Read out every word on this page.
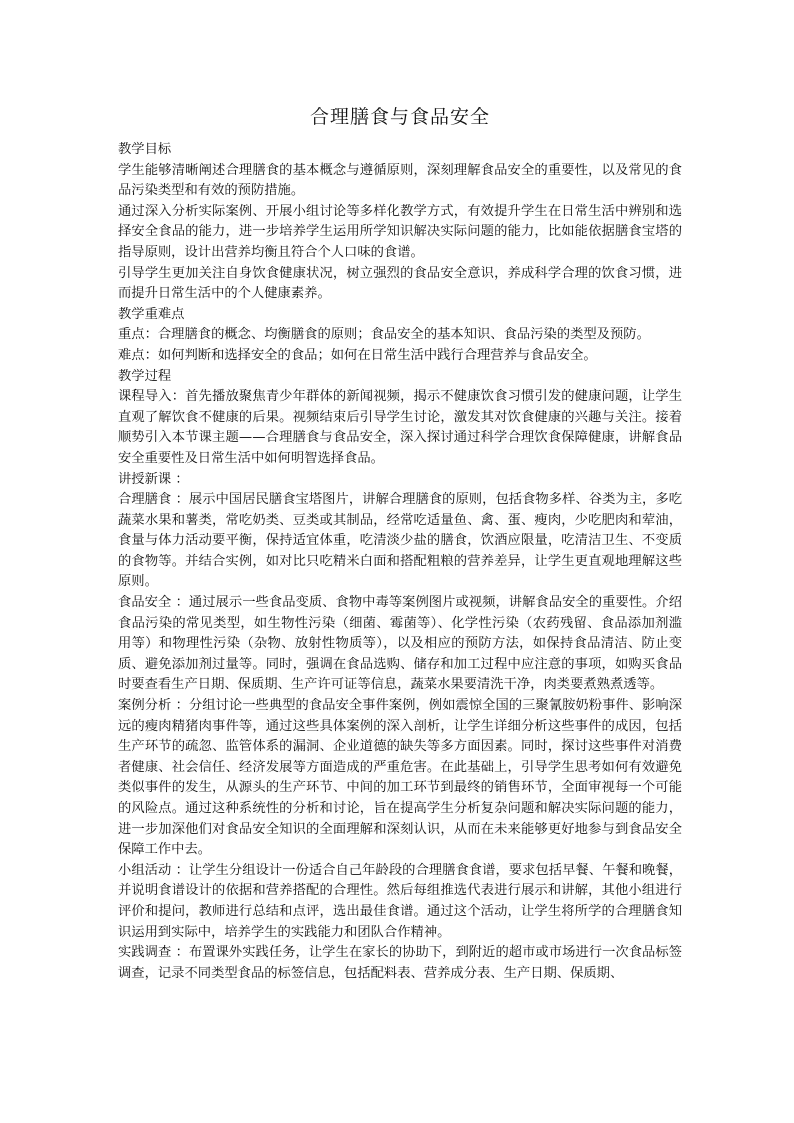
合理膳食与食品安全

教学目标

学生能够清晰阐述合理膳食的基本概念与遵循原则，深刻理解食品安全的重要性，以及常见的食品污染类型和有效的预防措施。

通过深入分析实际案例、开展小组讨论等多样化教学方式，有效提升学生在日常生活中辨别和选择安全食品的能力，进一步培养学生运用所学知识解决实际问题的能力，比如能依据膳食宝塔的指导原则，设计出营养均衡且符合个人口味的食谱。

引导学生更加关注自身饮食健康状况，树立强烈的食品安全意识，养成科学合理的饮食习惯，进而提升日常生活中的个人健康素养。

教学重难点

重点：合理膳食的概念、均衡膳食的原则；食品安全的基本知识、食品污染的类型及预防。

难点：如何判断和选择安全的食品；如何在日常生活中践行合理营养与食品安全。

教学过程

课程导入：首先播放聚焦青少年群体的新闻视频，揭示不健康饮食习惯引发的健康问题，让学生直观了解饮食不健康的后果。视频结束后引导学生讨论，激发其对饮食健康的兴趣与关注。接着顺势引入本节课主题——合理膳食与食品安全，深入探讨通过科学合理饮食保障健康，讲解食品安全重要性及日常生活中如何明智选择食品。

讲授新课 ：

合理膳食 ：展示中国居民膳食宝塔图片，讲解合理膳食的原则，包括食物多样、谷类为主，多吃蔬菜水果和薯类，常吃奶类、豆类或其制品，经常吃适量鱼、禽、蛋、瘦肉，少吃肥肉和荤油，食量与体力活动要平衡，保持适宜体重，吃清淡少盐的膳食，饮酒应限量，吃清洁卫生、不变质的食物等。并结合实例，如对比只吃精米白面和搭配粗粮的营养差异，让学生更直观地理解这些原则。

食品安全 ：通过展示一些食品变质、食物中毒等案例图片或视频，讲解食品安全的重要性。介绍食品污染的常见类型，如生物性污染（细菌、霉菌等）、化学性污染（农药残留、食品添加剂滥用等）和物理性污染（杂物、放射性物质等），以及相应的预防方法，如保持食品清洁、防止变质、避免添加剂过量等。同时，强调在食品选购、储存和加工过程中应注意的事项，如购买食品时要查看生产日期、保质期、生产许可证等信息，蔬菜水果要清洗干净，肉类要煮熟煮透等。

案例分析 ：分组讨论一些典型的食品安全事件案例，例如震惊全国的三聚氰胺奶粉事件、影响深远的瘦肉精猪肉事件等，通过这些具体案例的深入剖析，让学生详细分析这些事件的成因，包括生产环节的疏忽、监管体系的漏洞、企业道德的缺失等多方面因素。同时，探讨这些事件对消费者健康、社会信任、经济发展等方面造成的严重危害。在此基础上，引导学生思考如何有效避免类似事件的发生，从源头的生产环节、中间的加工环节到最终的销售环节，全面审视每一个可能的风险点。通过这种系统性的分析和讨论，旨在提高学生分析复杂问题和解决实际问题的能力，进一步加深他们对食品安全知识的全面理解和深刻认识，从而在未来能够更好地参与到食品安全保障工作中去。

小组活动 ：让学生分组设计一份适合自己年龄段的合理膳食食谱，要求包括早餐、午餐和晚餐，并说明食谱设计的依据和营养搭配的合理性。然后每组推选代表进行展示和讲解，其他小组进行评价和提问，教师进行总结和点评，选出最佳食谱。通过这个活动，让学生将所学的合理膳食知识运用到实际中，培养学生的实践能力和团队合作精神。

实践调查 ：布置课外实践任务，让学生在家长的协助下，到附近的超市或市场进行一次食品标签调查，记录不同类型食品的标签信息，包括配料表、营养成分表、生产日期、保质期、
